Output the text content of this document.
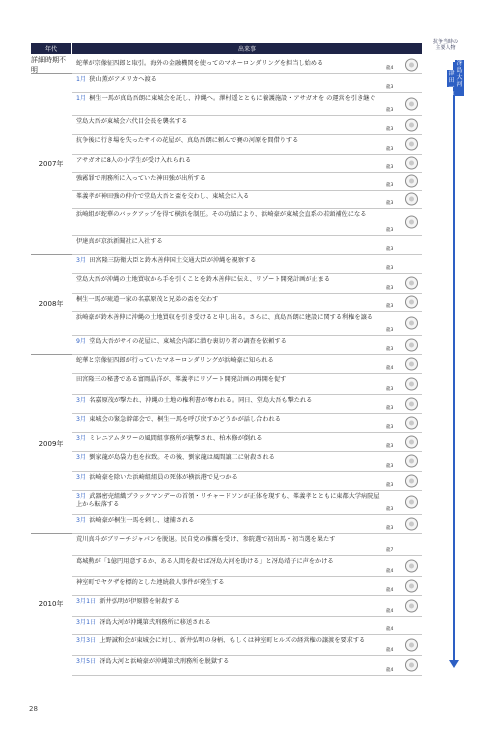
年代	出来事
抗争当時の
主要人物
津田一尊
冴島大河
詳細時期不明
2007年
2008年
2009年
2010年
蛇華が宗像征四郎と取引。海外の金融機関を使ってのマネーロンダリングを担当し始める
龍4
1月  狭山薫がアメリカへ渡る
龍3
1月  桐生一馬が真島吾朗に東城会を託し、沖縄へ。澤村遥とともに養護施設・アサガオを の運営を引き継ぐ
龍3
堂島大吾が東城会六代目会長を襲名する
龍3
抗争後に行き場を失ったサイの花屋が、真島吾朗に頼んで賽の河原を間借りする
龍3
アサガオに8人の小学生が受け入れられる
龍3
強霧罪で刑務所に入っていた神田強が出所する
龍3
峯義孝が神田強の仲介で堂島大吾と盃を交わし、東城会に入る
龍3
浜崎組が蛇華のバックアップを得て横浜を制圧。その功績により、浜崎豪が東城会直系の若頭補佐になる
龍3
伊達真が京浜新聞社に入社する
龍3
3月  田宮隆三防衛大臣と鈴木善伸国土交通大臣が沖縄を視察する
龍3
堂島大吾が沖縄の土地買収から手を引くことを鈴木善伸に伝え、リゾート開発計画が止まる
龍3
桐生一馬が琉道一家の名嘉原茂と兄弟の盃を交わす
龍3
浜崎豪が鈴木善伸に沖縄の土地買収を引き受けると申し出る。さらに、真島吾朗に建設に関する利権を譲る
龍3
9月  堂島大吾がサイの花屋に、東城会内部に潜む裏切り者の調査を依頼する
龍3
蛇華と宗像征四郎が行っていたマネーロンダリングが浜崎豪に知られる
龍4
田宮隆三の秘書である富岡晶洋が、峯義孝にリゾート開発計画の再開を促す
龍3
3月  名嘉原茂が撃たれ、沖縄の土地の権利書が奪われる。同日、堂島大吾も撃たれる
龍3
3月  東城会の緊急幹部会で、桐生一馬を呼び戻すかどうかが話し合われる
龍3
3月  ミレニアムタワーの風間組事務所が銃撃され、柏木修が倒れる
龍3
3月  劉家龍が島袋力也を拉致。その後、劉家龍は風間譲二に射殺される
龍3
3月  浜崎豪を除いた浜崎組組員の死体が横浜港で見つかる
龍3
3月  武器密売組織ブラックマンデーの首領・リチャードソンが正体を現すも、峯義孝とともに東都大学病院屋上から転落する
龍3
3月  浜崎豪が桐生一馬を刺し、逮捕される
龍3
荒川真斗がブリーチジャパンを脱退。民自党の推薦を受け、参院選で初出馬・初当選を果たす
龍7
葛城勲が「1億円用意するか、ある人間を殺せば冴島大河を助ける」と冴島靖子に声をかける
龍4
神室町でヤクザを標的とした連続殺人事件が発生する
龍4
3月1日  新井弘明が伊原勝を射殺する
龍4
3月1日  冴島大河が沖縄第弐刑務所に移送される
龍4
3月3日  上野誠和会が東城会に対し、新井弘明の身柄、もしくは神室町ヒルズの経営権の譲渡を要求する
龍4
3月5日  冴島大河と浜崎豪が沖縄第弐刑務所を脱獄する
龍4
28
